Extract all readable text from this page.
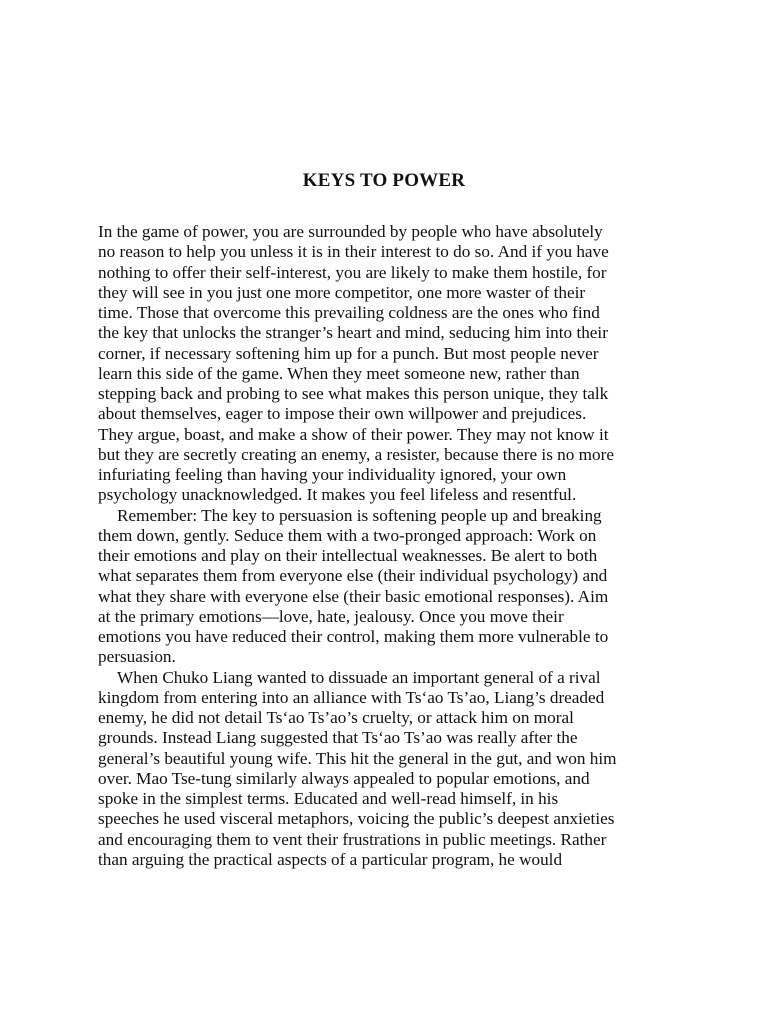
KEYS TO POWER
In the game of power, you are surrounded by people who have absolutely
no reason to help you unless it is in their interest to do so. And if you have
nothing to offer their self-interest, you are likely to make them hostile, for
they will see in you just one more competitor, one more waster of their
time. Those that overcome this prevailing coldness are the ones who find
the key that unlocks the stranger’s heart and mind, seducing him into their
corner, if necessary softening him up for a punch. But most people never
learn this side of the game. When they meet someone new, rather than
stepping back and probing to see what makes this person unique, they talk
about themselves, eager to impose their own willpower and prejudices.
They argue, boast, and make a show of their power. They may not know it
but they are secretly creating an enemy, a resister, because there is no more
infuriating feeling than having your individuality ignored, your own
psychology unacknowledged. It makes you feel lifeless and resentful.
Remember: The key to persuasion is softening people up and breaking
them down, gently. Seduce them with a two-pronged approach: Work on
their emotions and play on their intellectual weaknesses. Be alert to both
what separates them from everyone else (their individual psychology) and
what they share with everyone else (their basic emotional responses). Aim
at the primary emotions—love, hate, jealousy. Once you move their
emotions you have reduced their control, making them more vulnerable to
persuasion.
When Chuko Liang wanted to dissuade an important general of a rival
kingdom from entering into an alliance with Ts‘ao Ts’ao, Liang’s dreaded
enemy, he did not detail Ts‘ao Ts’ao’s cruelty, or attack him on moral
grounds. Instead Liang suggested that Ts‘ao Ts’ao was really after the
general’s beautiful young wife. This hit the general in the gut, and won him
over. Mao Tse-tung similarly always appealed to popular emotions, and
spoke in the simplest terms. Educated and well-read himself, in his
speeches he used visceral metaphors, voicing the public’s deepest anxieties
and encouraging them to vent their frustrations in public meetings. Rather
than arguing the practical aspects of a particular program, he would
